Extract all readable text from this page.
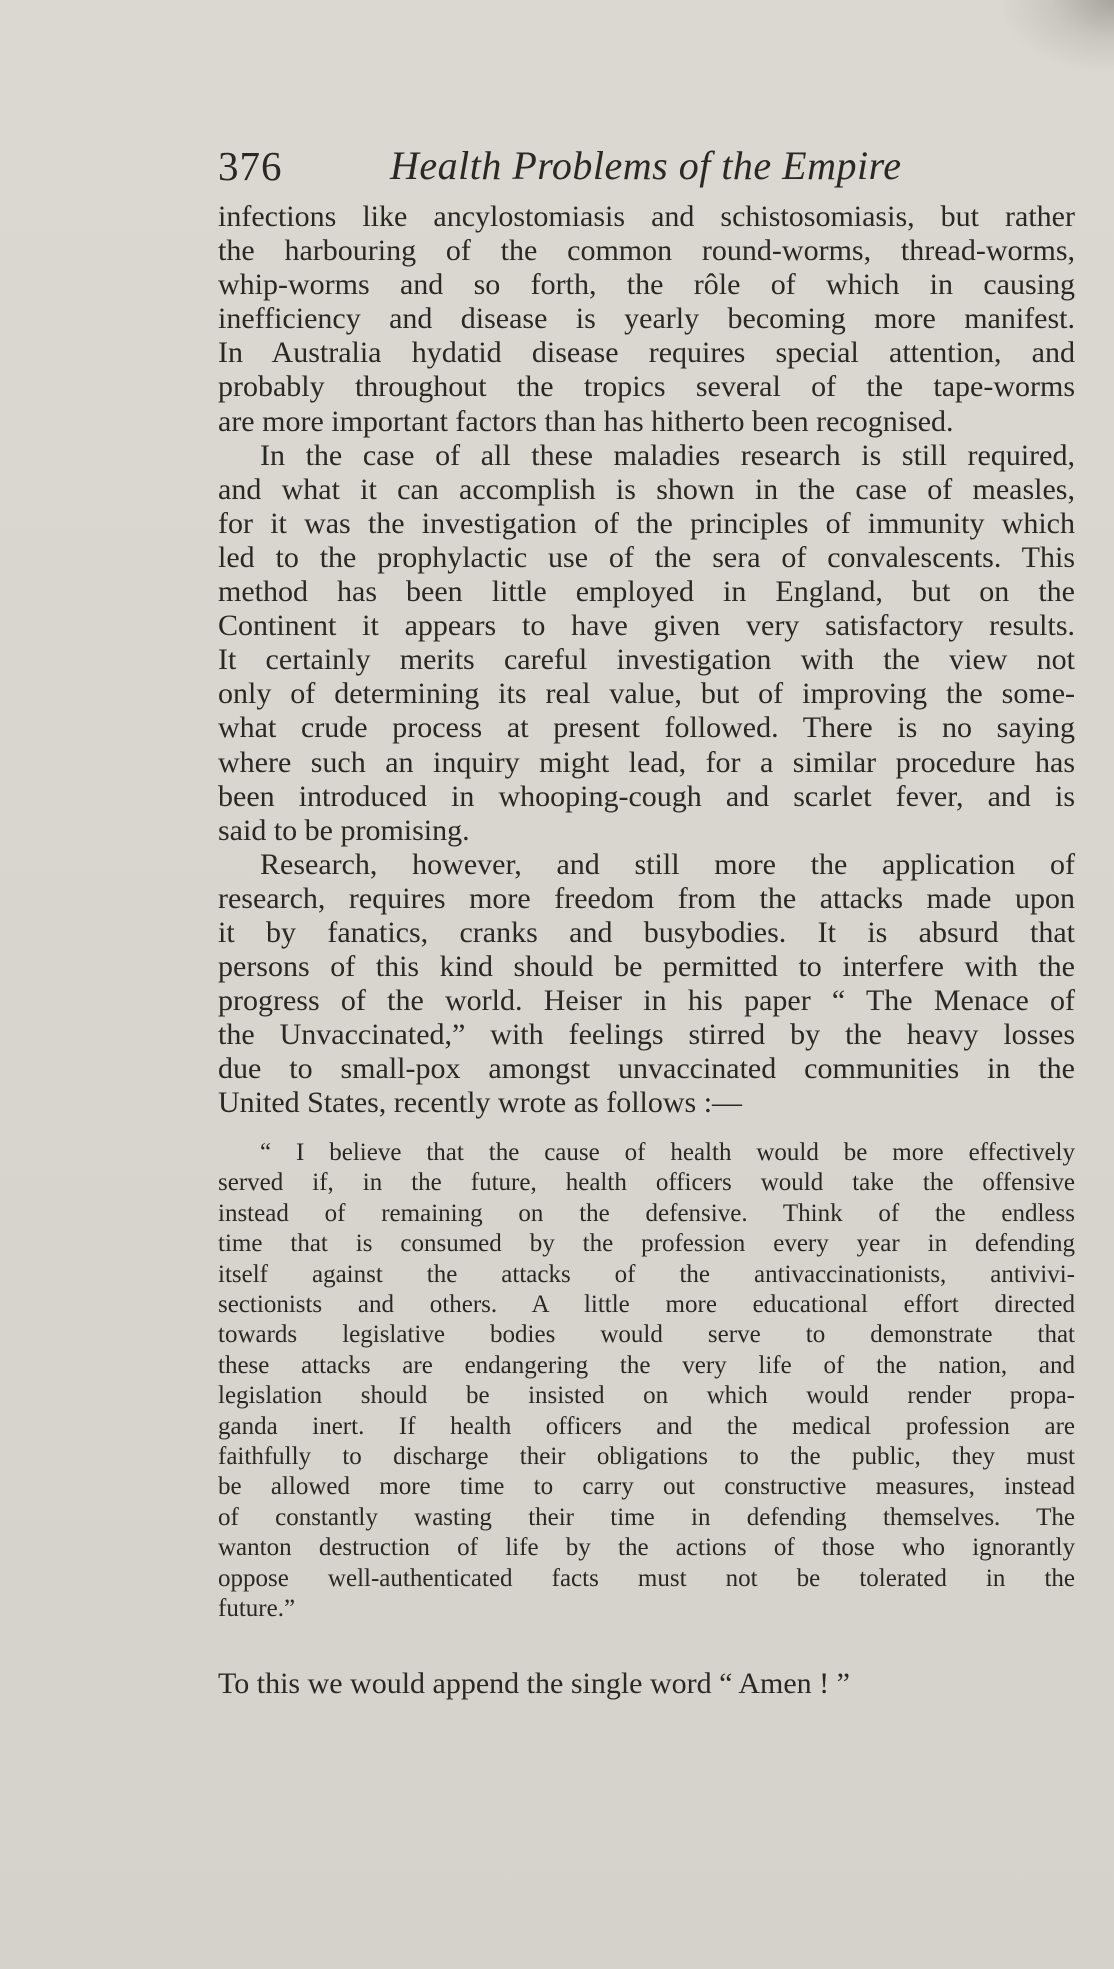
376	Health Problems of the Empire
infections like ancylostomiasis and schistosomiasis, but rather
the harbouring of the common round-worms, thread-worms,
whip-worms and so forth, the rôle of which in causing
inefficiency and disease is yearly becoming more manifest.
In Australia hydatid disease requires special attention, and
probably throughout the tropics several of the tape-worms
are more important factors than has hitherto been recognised.
In the case of all these maladies research is still required,
and what it can accomplish is shown in the case of measles,
for it was the investigation of the principles of immunity which
led to the prophylactic use of the sera of convalescents. This
method has been little employed in England, but on the
Continent it appears to have given very satisfactory results.
It certainly merits careful investigation with the view not
only of determining its real value, but of improving the some-
what crude process at present followed. There is no saying
where such an inquiry might lead, for a similar procedure has
been introduced in whooping-cough and scarlet fever, and is
said to be promising.
Research, however, and still more the application of
research, requires more freedom from the attacks made upon
it by fanatics, cranks and busybodies. It is absurd that
persons of this kind should be permitted to interfere with the
progress of the world. Heiser in his paper “ The Menace of
the Unvaccinated,” with feelings stirred by the heavy losses
due to small-pox amongst unvaccinated communities in the
United States, recently wrote as follows :—
“ I believe that the cause of health would be more effectively
served if, in the future, health officers would take the offensive
instead of remaining on the defensive. Think of the endless
time that is consumed by the profession every year in defending
itself against the attacks of the antivaccinationists, antivivi-
sectionists and others. A little more educational effort directed
towards legislative bodies would serve to demonstrate that
these attacks are endangering the very life of the nation, and
legislation should be insisted on which would render propa-
ganda inert. If health officers and the medical profession are
faithfully to discharge their obligations to the public, they must
be allowed more time to carry out constructive measures, instead
of constantly wasting their time in defending themselves. The
wanton destruction of life by the actions of those who ignorantly
oppose well-authenticated facts must not be tolerated in the
future.”
To this we would append the single word “ Amen ! ”
